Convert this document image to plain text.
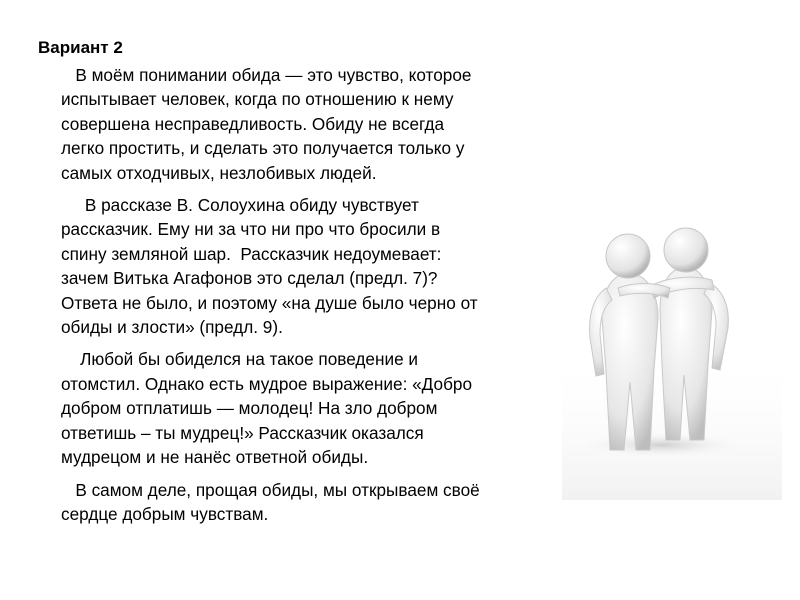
Вариант 2

В моём понимании обида — это чувство, которое
испытывает человек, когда по отношению к нему
совершена несправедливость. Обиду не всегда
легко простить, и сделать это получается только у
самых отходчивых, незлобивых людей.

В рассказе В. Солоухина обиду чувствует
рассказчик. Ему ни за что ни про что бросили в
спину земляной шар.  Рассказчик недоумевает:
зачем Витька Агафонов это сделал (предл. 7)?
Ответа не было, и поэтому «на душе было черно от
обиды и злости» (предл. 9).

Любой бы обиделся на такое поведение и
отомстил. Однако есть мудрое выражение: «Добро
добром отплатишь — молодец! На зло добром
ответишь – ты мудрец!» Рассказчик оказался
мудрецом и не нанёс ответной обиды.

В самом деле, прощая обиды, мы открываем своё
сердце добрым чувствам.
